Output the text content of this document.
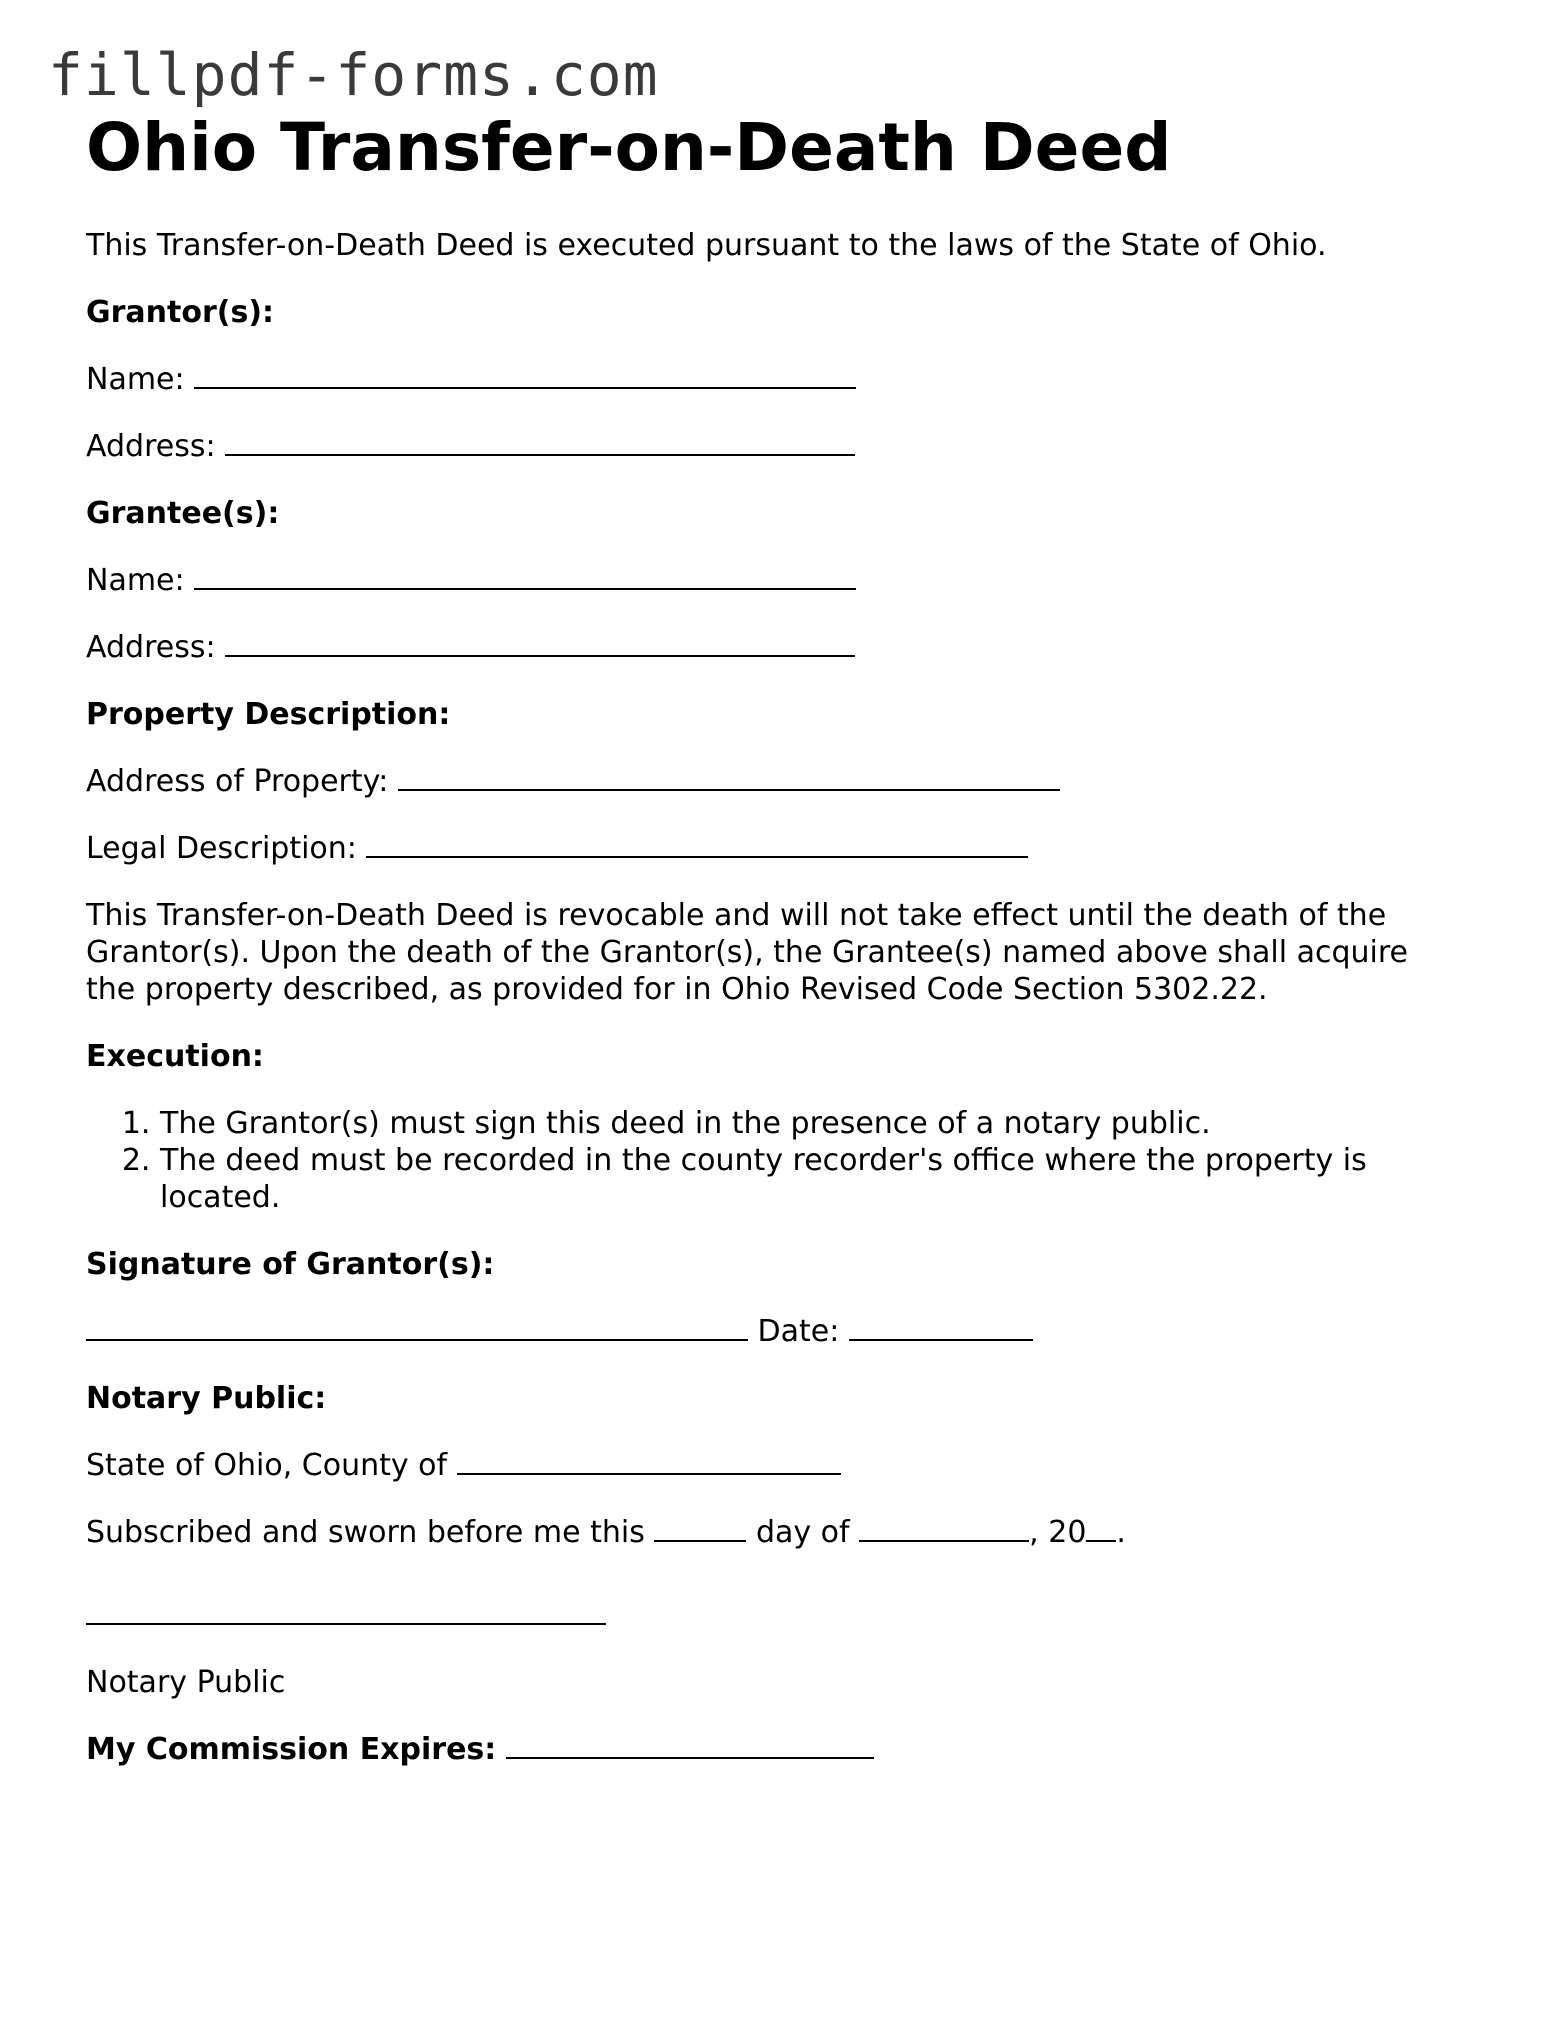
fillpdf-forms.com
Ohio Transfer-on-Death Deed

This Transfer-on-Death Deed is executed pursuant to the laws of the State of Ohio.

Grantor(s):

Name:

Address:

Grantee(s):

Name:

Address:

Property Description:

Address of Property:

Legal Description:

This Transfer-on-Death Deed is revocable and will not take effect until the death of the Grantor(s). Upon the death of the Grantor(s), the Grantee(s) named above shall acquire the property described, as provided for in Ohio Revised Code Section 5302.22.

Execution:

1. The Grantor(s) must sign this deed in the presence of a notary public.
2. The deed must be recorded in the county recorder's office where the property is located.

Signature of Grantor(s):

Date:

Notary Public:

State of Ohio, County of

Subscribed and sworn before me this	day of	, 20 .

Notary Public

My Commission Expires:
